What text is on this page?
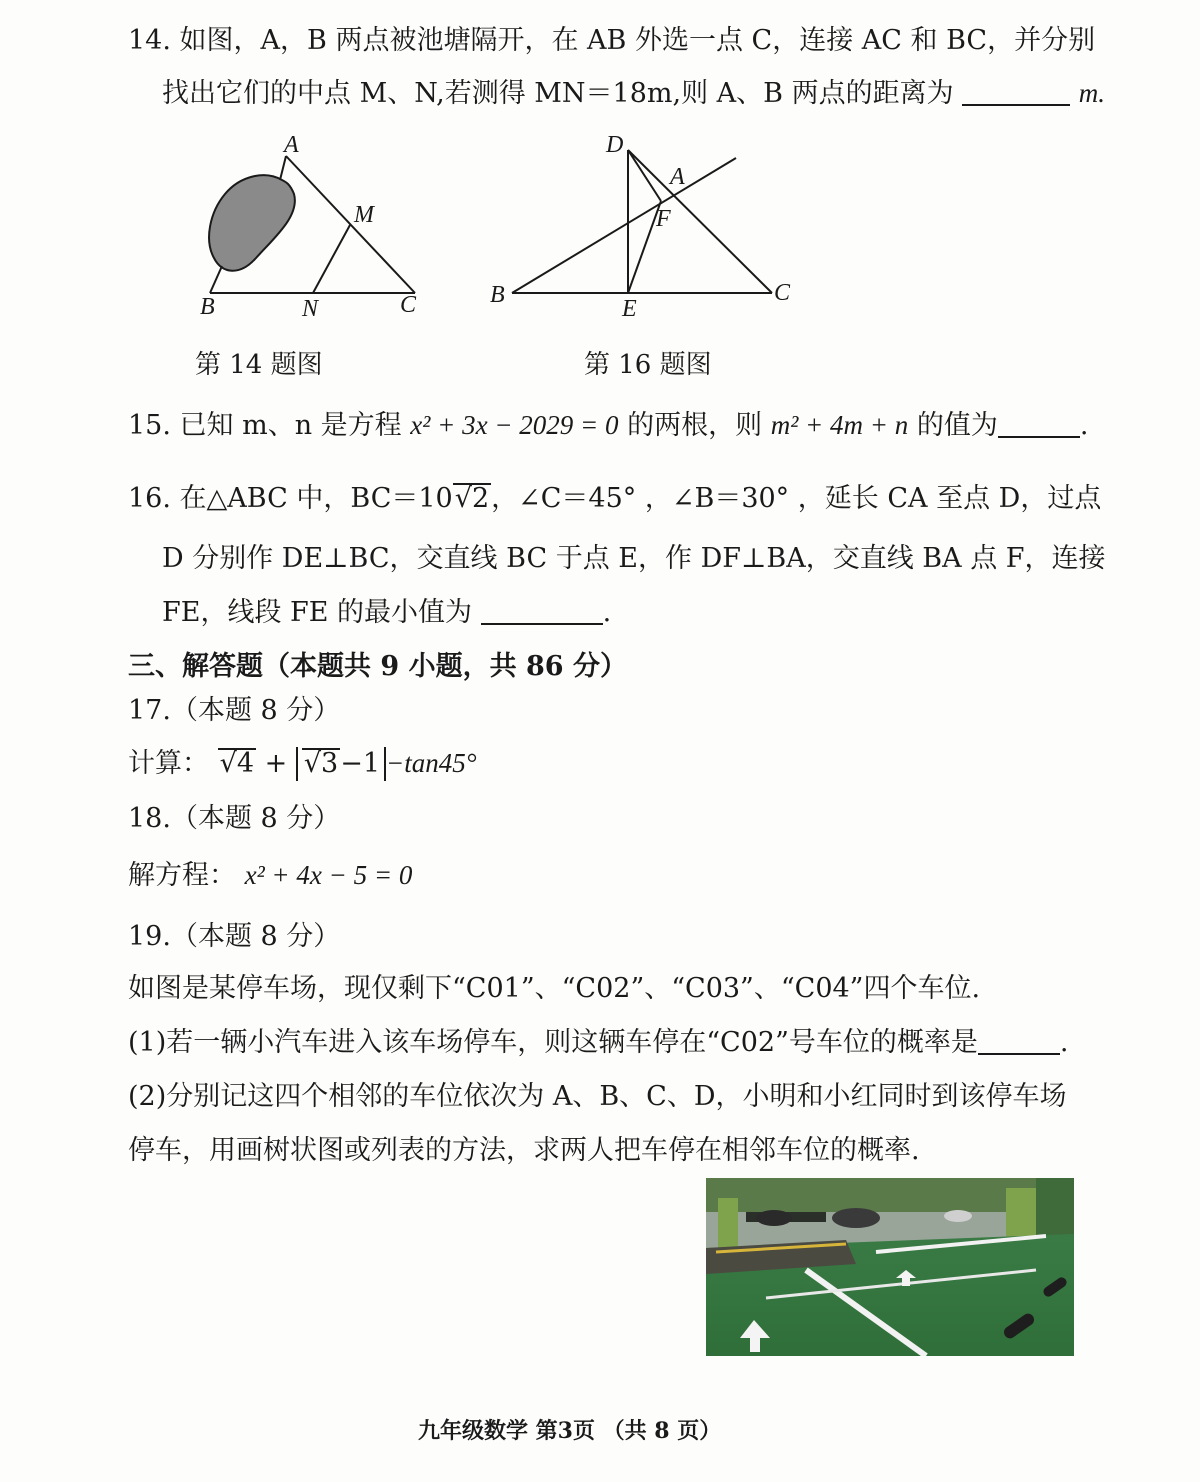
14. 如图，A，B 两点被池塘隔开，在 AB 外选一点 C，连接 AC 和 BC，并分别
找出它们的中点 M、N,若测得 MN＝18m,则 A、B 两点的距离为	m.
A
B	C
M
N
第 14 题图
D
A
F
B	C
E
第 16 题图
15. 已知 m、n 是方程 x² + 3x − 2029 = 0 的两根，则 m² + 4m + n 的值为	.
16. 在△ABC 中，BC＝10√2，∠C＝45° ，∠B＝30° ，延长 CA 至点 D，过点
D 分别作 DE⊥BC，交直线 BC 于点 E，作 DF⊥BA，交直线 BA 点 F，连接
FE，线段 FE 的最小值为	.
三、解答题（本题共 9 小题，共 86 分）
17.（本题 8 分）
计算： √4 + √3−1 −tan45°
18.（本题 8 分）
解方程： x² + 4x − 5 = 0
19.（本题 8 分）
如图是某停车场，现仅剩下“C01”、“C02”、“C03”、“C04”四个车位.
(1)若一辆小汽车进入该车场停车，则这辆车停在“C02”号车位的概率是	.
(2)分别记这四个相邻的车位依次为 A、B、C、D，小明和小红同时到该停车场
停车，用画树状图或列表的方法，求两人把车停在相邻车位的概率.
九年级数学 第3页 （共 8 页）
